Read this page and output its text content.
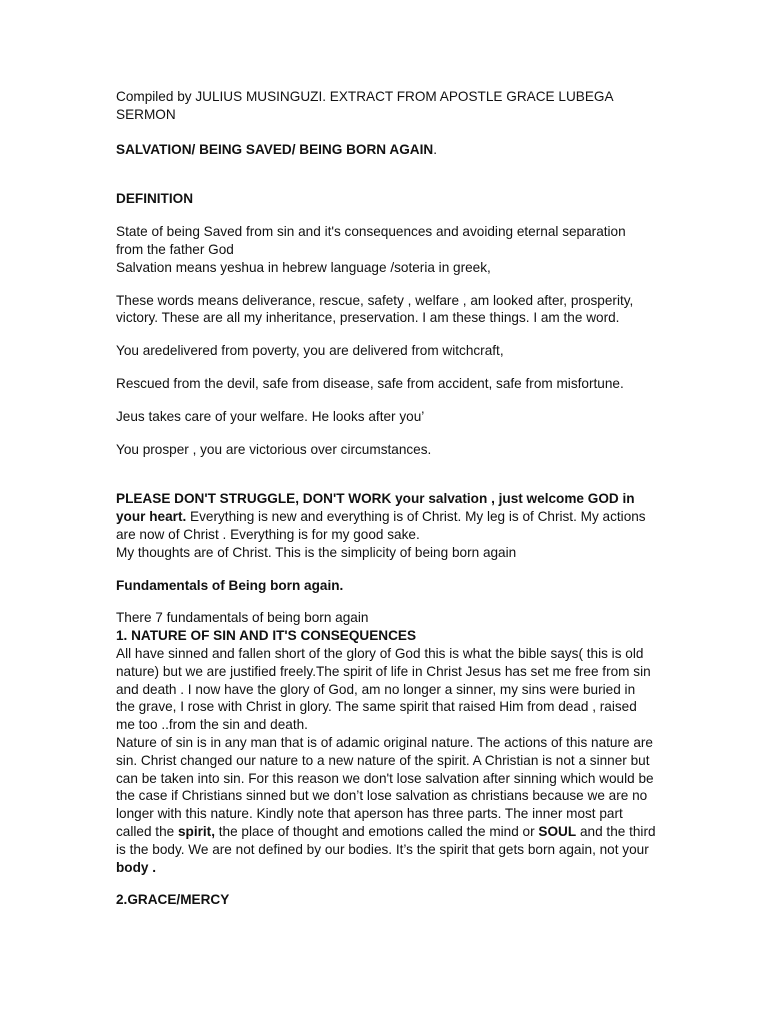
Compiled by JULIUS MUSINGUZI. EXTRACT FROM APOSTLE GRACE LUBEGA SERMON

SALVATION/ BEING SAVED/ BEING BORN AGAIN.

DEFINITION

State of being Saved from sin and it's consequences and avoiding eternal separation from the father God

Salvation means yeshua in hebrew language /soteria in greek,

These words means deliverance, rescue, safety , welfare , am looked after, prosperity, victory. These are all my inheritance, preservation. I am these things. I am the word.

You aredelivered from poverty, you are delivered from witchcraft,

Rescued from the devil, safe from disease, safe from accident, safe from misfortune.

Jeus takes care of your welfare. He looks after you’

You prosper , you are victorious over circumstances.

PLEASE DON'T STRUGGLE, DON'T WORK your salvation , just welcome GOD in your heart. Everything is new and everything is of Christ. My leg is of Christ. My actions are now of Christ . Everything is for my good sake.

My thoughts are of Christ. This is the simplicity of being born again

Fundamentals of Being born again.

There 7 fundamentals of being born again

1. NATURE OF SIN AND IT'S CONSEQUENCES

All have sinned and fallen short of the glory of God this is what the bible says( this is old nature) but we are justified freely.The spirit of life in Christ Jesus has set me free from sin and death . I now have the glory of God, am no longer a sinner, my sins were buried in the grave, I rose with Christ in glory. The same spirit that raised Him from dead , raised me too ..from the sin and death.

Nature of sin is in any man that is of adamic original nature. The actions of this nature are sin. Christ changed our nature to a new nature of the spirit. A Christian is not a sinner but can be taken into sin. For this reason we don't lose salvation after sinning which would be the case if Christians sinned but we don’t lose salvation as christians because we are no longer with this nature. Kindly note that aperson has three parts. The inner most part called the spirit, the place of thought and emotions called the mind or SOUL and the third is the body. We are not defined by our bodies. It’s the spirit that gets born again, not your body .

2.GRACE/MERCY
